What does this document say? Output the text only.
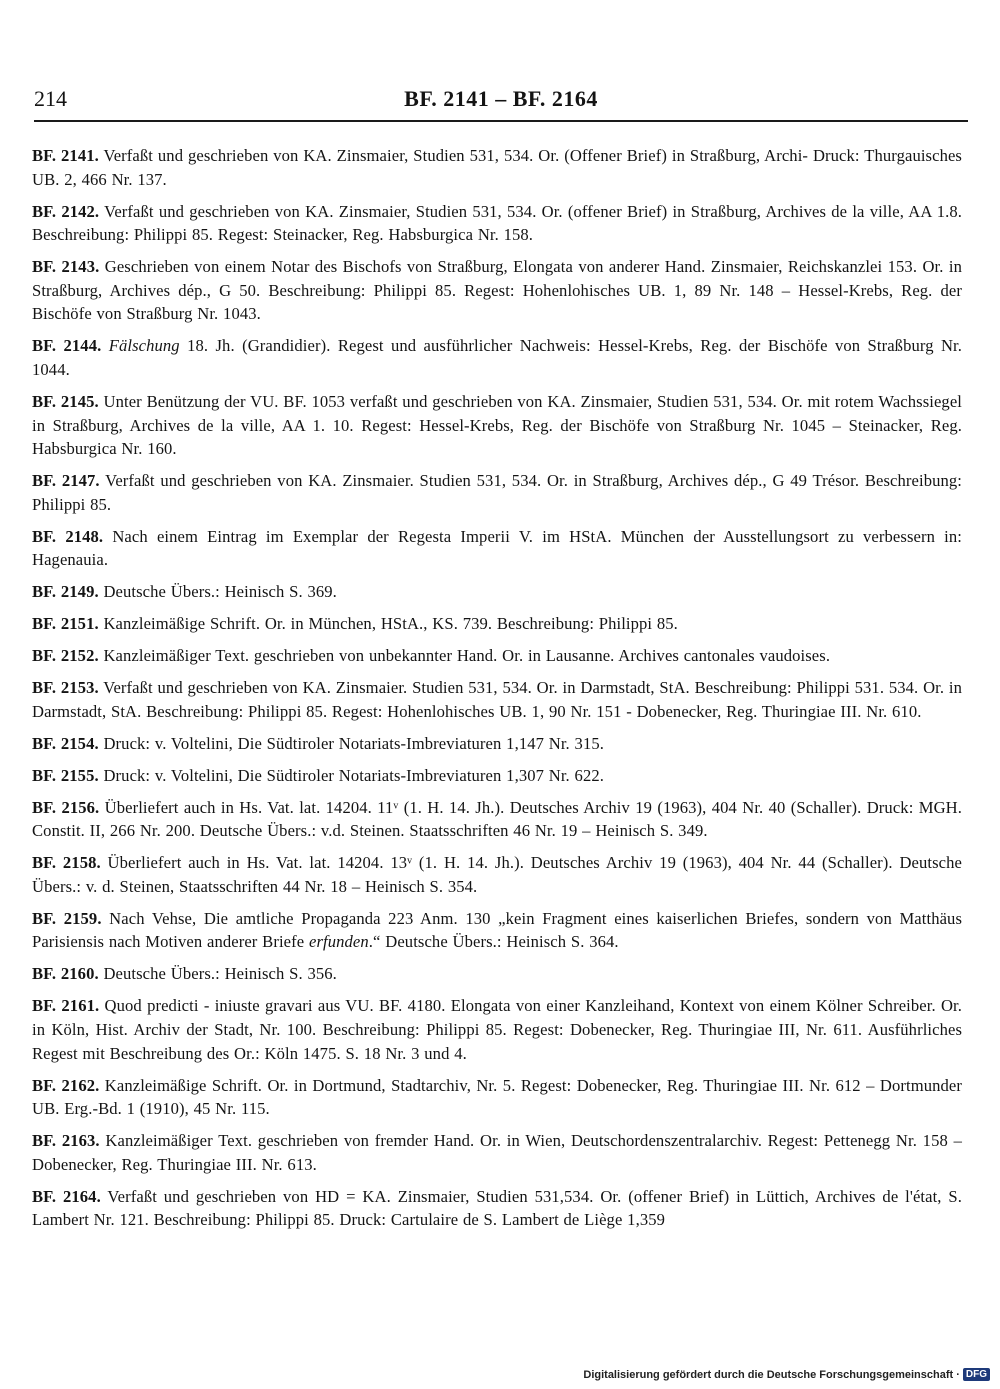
214	BF. 2141 – BF. 2164

BF. 2141. Verfaßt und geschrieben von KA. Zinsmaier, Studien 531, 534. Or. (Offener Brief) in Straßburg, Archi- Druck: Thurgauisches UB. 2, 466 Nr. 137.

BF. 2142. Verfaßt und geschrieben von KA. Zinsmaier, Studien 531, 534. Or. (offener Brief) in Straßburg, Archives de la ville, AA 1.8. Beschreibung: Philippi 85. Regest: Steinacker, Reg. Habsburgica Nr. 158.

BF. 2143. Geschrieben von einem Notar des Bischofs von Straßburg, Elongata von anderer Hand. Zinsmaier, Reichskanzlei 153. Or. in Straßburg, Archives dép., G 50. Beschreibung: Philippi 85. Regest: Hohenlohisches UB. 1, 89 Nr. 148 – Hessel-Krebs, Reg. der Bischöfe von Straßburg Nr. 1043.

BF. 2144. Fälschung 18. Jh. (Grandidier). Regest und ausführlicher Nachweis: Hessel-Krebs, Reg. der Bischöfe von Straßburg Nr. 1044.

BF. 2145. Unter Benützung der VU. BF. 1053 verfaßt und geschrieben von KA. Zinsmaier, Studien 531, 534. Or. mit rotem Wachssiegel in Straßburg, Archives de la ville, AA 1. 10. Regest: Hessel-Krebs, Reg. der Bischöfe von Straßburg Nr. 1045 – Steinacker, Reg. Habsburgica Nr. 160.

BF. 2147. Verfaßt und geschrieben von KA. Zinsmaier. Studien 531, 534. Or. in Straßburg, Archives dép., G 49 Trésor. Beschreibung: Philippi 85.

BF. 2148. Nach einem Eintrag im Exemplar der Regesta Imperii V. im HStA. München der Ausstellungsort zu verbessern in: Hagenauia.

BF. 2149. Deutsche Übers.: Heinisch S. 369.

BF. 2151. Kanzleimäßige Schrift. Or. in München, HStA., KS. 739. Beschreibung: Philippi 85.

BF. 2152. Kanzleimäßiger Text. geschrieben von unbekannter Hand. Or. in Lausanne. Archives cantonales vaudoises.

BF. 2153. Verfaßt und geschrieben von KA. Zinsmaier. Studien 531, 534. Or. in Darmstadt, StA. Beschreibung: Philippi 531. 534. Or. in Darmstadt, StA. Beschreibung: Philippi 85. Regest: Hohenlohisches UB. 1, 90 Nr. 151 - Dobenecker, Reg. Thuringiae III. Nr. 610.

BF. 2154. Druck: v. Voltelini, Die Südtiroler Notariats-Imbreviaturen 1,147 Nr. 315.

BF. 2155. Druck: v. Voltelini, Die Südtiroler Notariats-Imbreviaturen 1,307 Nr. 622.

BF. 2156. Überliefert auch in Hs. Vat. lat. 14204. 11ᵛ (1. H. 14. Jh.). Deutsches Archiv 19 (1963), 404 Nr. 40 (Schaller). Druck: MGH. Constit. II, 266 Nr. 200. Deutsche Übers.: v.d. Steinen. Staatsschriften 46 Nr. 19 – Heinisch S. 349.

BF. 2158. Überliefert auch in Hs. Vat. lat. 14204. 13ᵛ (1. H. 14. Jh.). Deutsches Archiv 19 (1963), 404 Nr. 44 (Schaller). Deutsche Übers.: v. d. Steinen, Staatsschriften 44 Nr. 18 – Heinisch S. 354.

BF. 2159. Nach Vehse, Die amtliche Propaganda 223 Anm. 130 „kein Fragment eines kaiserlichen Briefes, sondern von Matthäus Parisiensis nach Motiven anderer Briefe erfunden.“ Deutsche Übers.: Heinisch S. 364.

BF. 2160. Deutsche Übers.: Heinisch S. 356.

BF. 2161. Quod predicti - iniuste gravari aus VU. BF. 4180. Elongata von einer Kanzleihand, Kontext von einem Kölner Schreiber. Or. in Köln, Hist. Archiv der Stadt, Nr. 100. Beschreibung: Philippi 85. Regest: Dobenecker, Reg. Thuringiae III, Nr. 611. Ausführliches Regest mit Beschreibung des Or.: Köln 1475. S. 18 Nr. 3 und 4.

BF. 2162. Kanzleimäßige Schrift. Or. in Dortmund, Stadtarchiv, Nr. 5. Regest: Dobenecker, Reg. Thuringiae III. Nr. 612 – Dortmunder UB. Erg.-Bd. 1 (1910), 45 Nr. 115.

BF. 2163. Kanzleimäßiger Text. geschrieben von fremder Hand. Or. in Wien, Deutschordenszentralarchiv. Regest: Pettenegg Nr. 158 – Dobenecker, Reg. Thuringiae III. Nr. 613.

BF. 2164. Verfaßt und geschrieben von HD = KA. Zinsmaier, Studien 531,534. Or. (offener Brief) in Lüttich, Archives de l'état, S. Lambert Nr. 121. Beschreibung: Philippi 85. Druck: Cartulaire de S. Lambert de Liège 1,359

Digitalisierung gefördert durch die Deutsche Forschungsgemeinschaft · DFG
